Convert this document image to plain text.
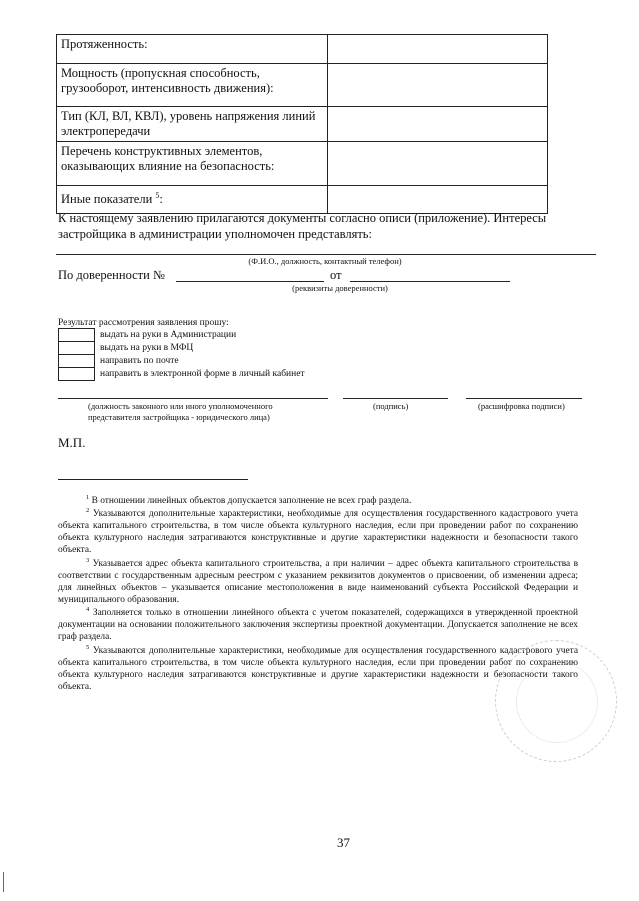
Протяженность:	
Мощность (пропускная способность, грузооборот, интенсивность движения):	
Тип (КЛ, ВЛ, КВЛ), уровень напряжения линий электропередачи	
Перечень конструктивных элементов, оказывающих влияние на безопасность:	
Иные показатели $^5$:	
К настоящему заявлению прилагаются документы согласно описи (приложение). Интересы
застройщика в администрации уполномочен представлять:
(Ф.И.О., должность, контактный телефон)
По доверенности №	от
(реквизиты доверенности)
Результат рассмотрения заявления прошу:
выдать на руки в Администрации
выдать на руки в МФЦ
направить по почте
направить в электронной форме в личный кабинет
(должность законного или иного уполномоченного
представителя застройщика - юридического лица)
(подпись)	(расшифровка подписи)
М.П.
$^1$ В отношении линейных объектов допускается заполнение не всех граф раздела.
$^2$ Указываются дополнительные характеристики, необходимые для осуществления государственного кадастрового учета объекта капитального строительства, в том числе объекта культурного наследия, если при проведении работ по сохранению объекта культурного наследия затрагиваются конструктивные и другие характеристики надежности и безопасности такого объекта.
$^3$ Указывается адрес объекта капитального строительства, а при наличии – адрес объекта капитального строительства в соответствии с государственным адресным реестром с указанием реквизитов документов о присвоении, об изменении адреса; для линейных объектов – указывается описание местоположения в виде наименований субъекта Российской Федерации и муниципального образования.
$^4$ Заполняется только в отношении линейного объекта с учетом показателей, содержащихся в утвержденной проектной документации на основании положительного заключения экспертизы проектной документации. Допускается заполнение не всех граф раздела.
$^5$ Указываются дополнительные характеристики, необходимые для осуществления государственного кадастрового учета объекта капитального строительства, в том числе объекта культурного наследия, если при проведении работ по сохранению объекта культурного наследия затрагиваются конструктивные и другие характеристики надежности и безопасности такого объекта.
37
